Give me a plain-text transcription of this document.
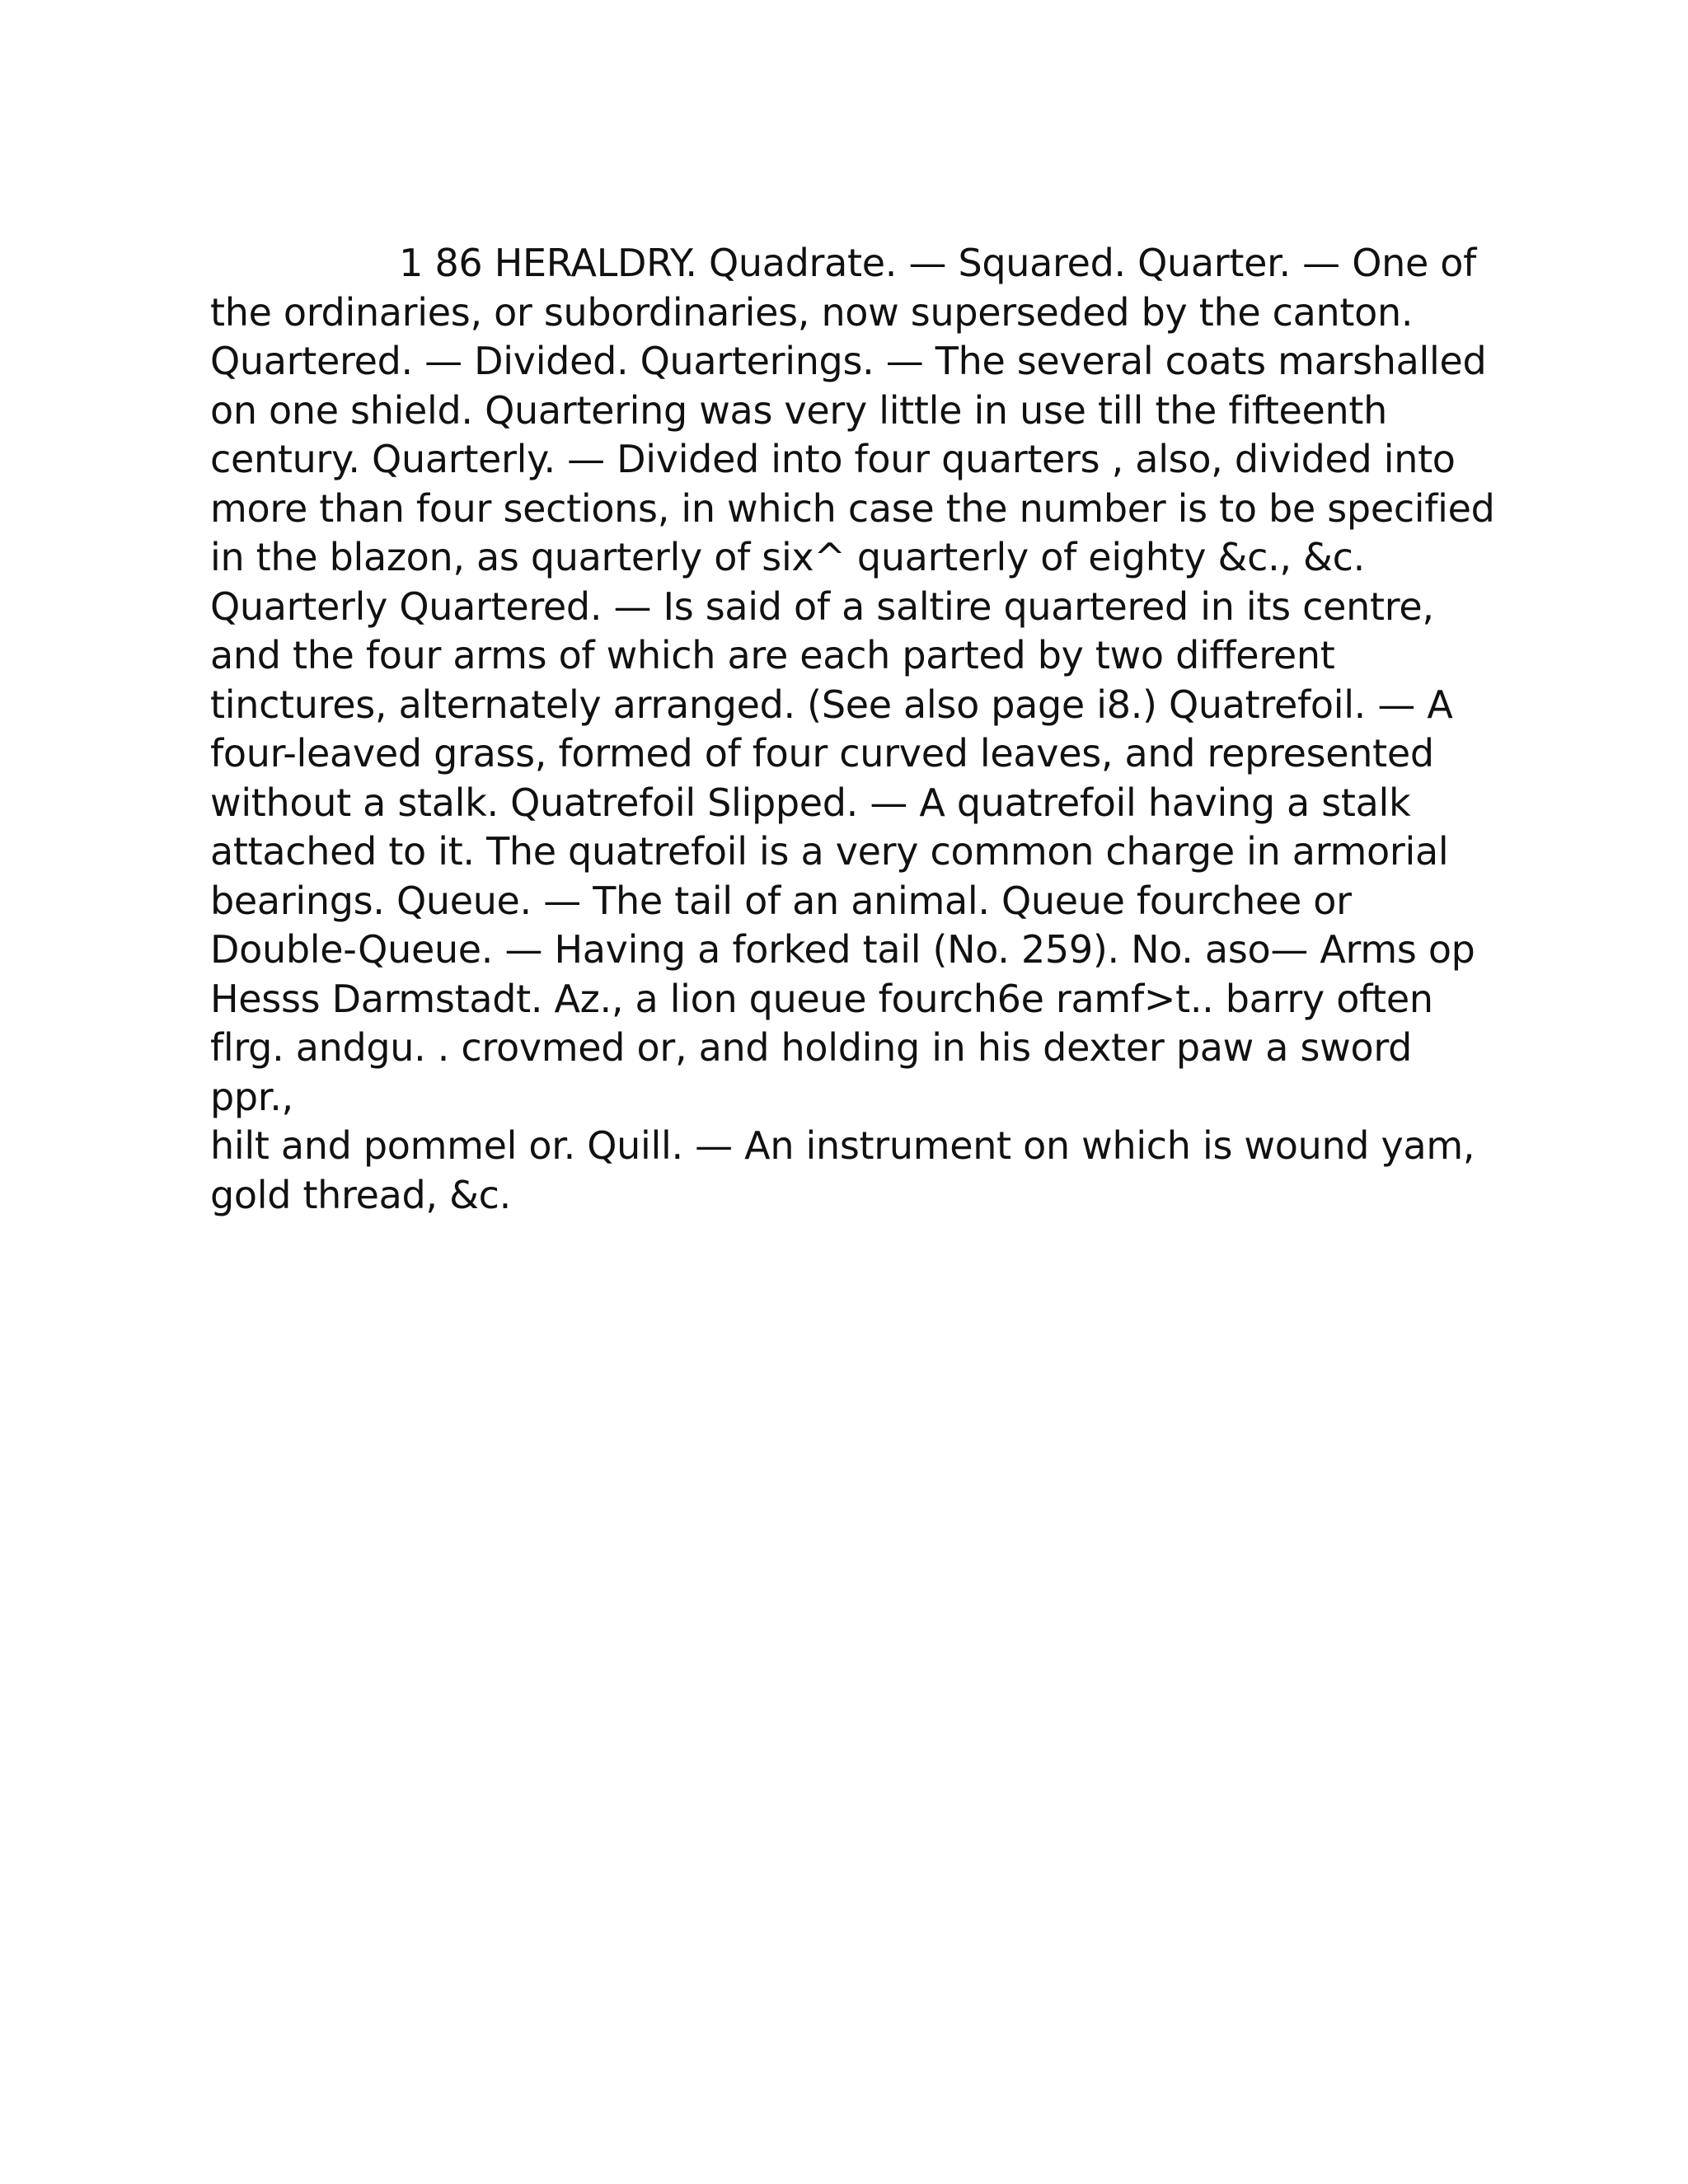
1 86 HERALDRY. Quadrate. — Squared. Quarter. — One of
the ordinaries, or subordinaries, now superseded by the canton.
Quartered. — Divided. Quarterings. — The several coats marshalled
on one shield. Quartering was very little in use till the fifteenth
century. Quarterly. — Divided into four quarters , also, divided into
more than four sections, in which case the number is to be specified
in the blazon, as quarterly of six^ quarterly of eighty &c., &c.
Quarterly Quartered. — Is said of a saltire quartered in its centre,
and the four arms of which are each parted by two different
tinctures, alternately arranged. (See also page i8.) Quatrefoil. — A
four-leaved grass, formed of four curved leaves, and represented
without a stalk. Quatrefoil Slipped. — A quatrefoil having a stalk
attached to it. The quatrefoil is a very common charge in armorial
bearings. Queue. — The tail of an animal. Queue fourchee or
Double-Queue. — Having a forked tail (No. 259). No. aso— Arms op
Hesss Darmstadt. Az., a lion queue fourch6e ramf>t.. barry often
flrg. andgu. . crovmed or, and holding in his dexter paw a sword ppr.,
hilt and pommel or. Quill. — An instrument on which is wound yam,
gold thread, &c.
